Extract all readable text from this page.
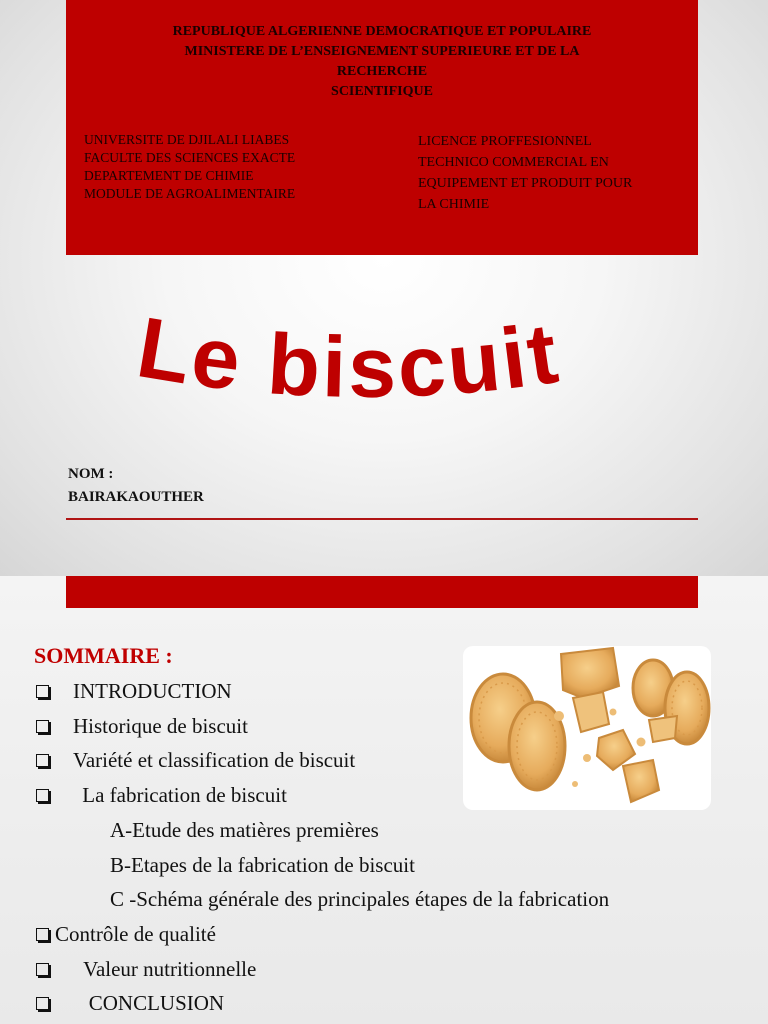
REPUBLIQUE ALGERIENNE DEMOCRATIQUE ET POPULAIRE
MINISTERE DE L’ENSEIGNEMENT SUPERIEURE ET DE LA
RECHERCHE
SCIENTIFIQUE
UNIVERSITE DE DJILALI LIABES
FACULTE DES SCIENCES EXACTE
DEPARTEMENT DE CHIMIE
MODULE DE AGROALIMENTAIRE
LICENCE PROFFESIONNEL
TECHNICO COMMERCIAL EN
EQUIPEMENT ET PRODUIT POUR
LA CHIMIE
Le biscuit
NOM :
BAIRAKAOUTHER
SOMMAIRE :
INTRODUCTION
Historique de biscuit
Variété et classification de biscuit
La fabrication de biscuit
A-Etude des matières premières
B-Etapes de la fabrication de biscuit
C -Schéma générale des principales étapes de la fabrication
Contrôle de qualité
Valeur nutritionnelle
CONCLUSION
